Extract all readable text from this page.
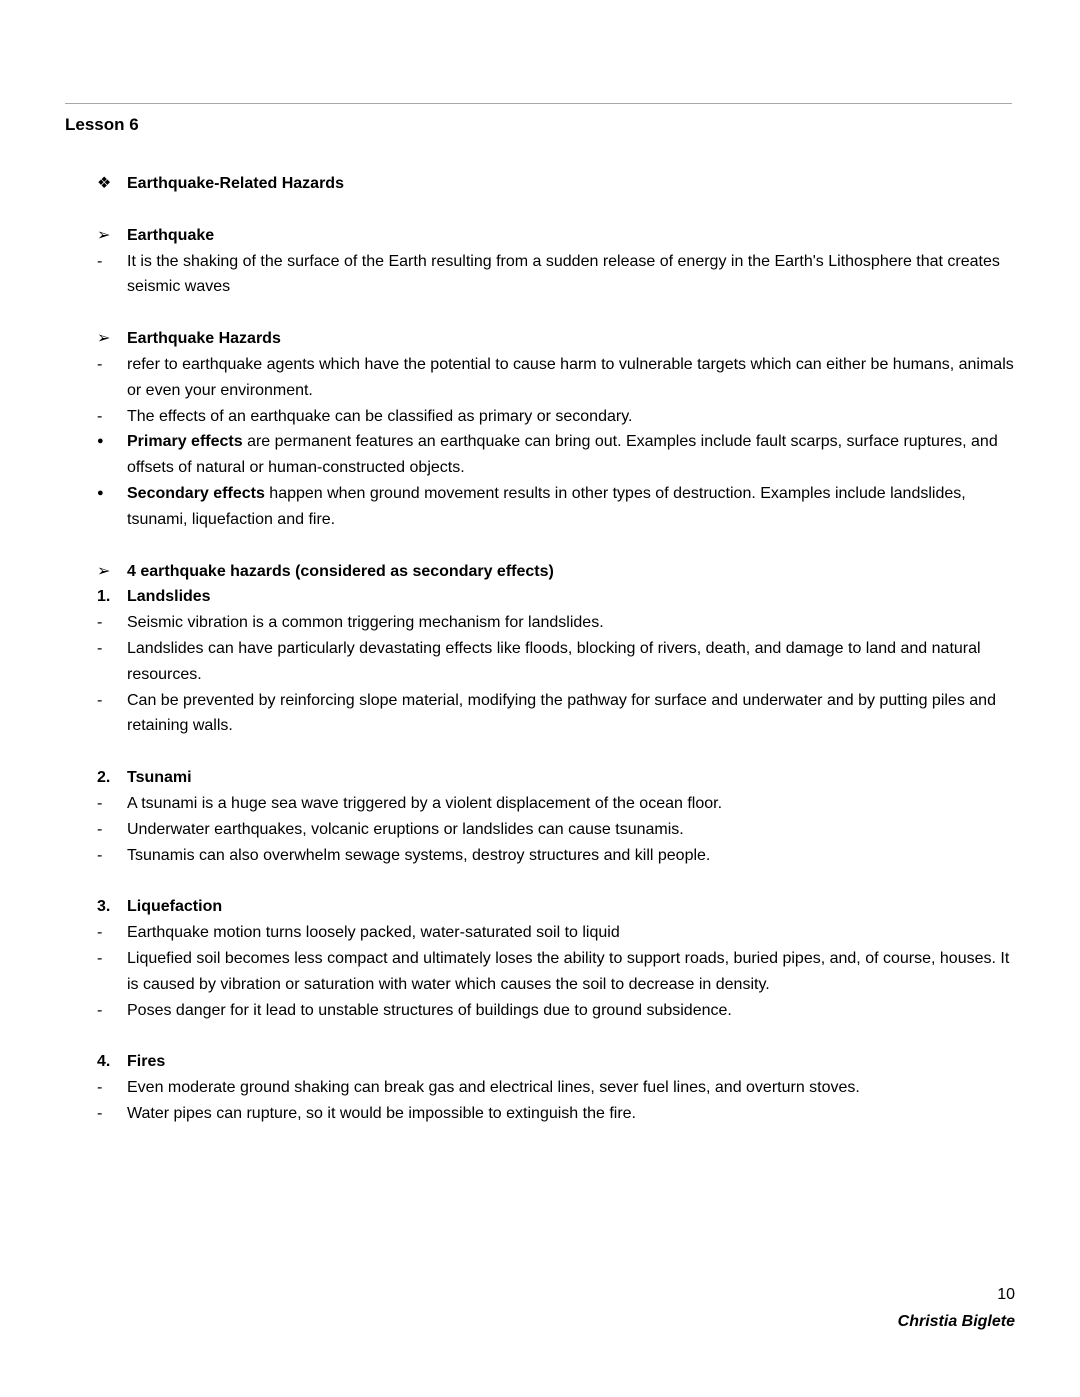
Lesson 6
❖ Earthquake-Related Hazards
➢	Earthquake
-	It is the shaking of the surface of the Earth resulting from a sudden release of energy in the Earth's Lithosphere that creates seismic waves
➢	Earthquake Hazards
-	refer to earthquake agents which have the potential to cause harm to vulnerable targets which can either be humans, animals or even your environment.
-	The effects of an earthquake can be classified as primary or secondary.
●	Primary effects are permanent features an earthquake can bring out. Examples include fault scarps, surface ruptures, and offsets of natural or human-constructed objects.
●	Secondary effects happen when ground movement results in other types of destruction. Examples include landslides, tsunami, liquefaction and fire.
➢	4 earthquake hazards (considered as secondary effects)
1.	Landslides
-	Seismic vibration is a common triggering mechanism for landslides.
-	Landslides can have particularly devastating effects like floods, blocking of rivers, death, and damage to land and natural resources.
-	Can be prevented by reinforcing slope material, modifying the pathway for surface and underwater and by putting piles and retaining walls.
2.	Tsunami
-	A tsunami is a huge sea wave triggered by a violent displacement of the ocean floor.
-	Underwater earthquakes, volcanic eruptions or landslides can cause tsunamis.
-	Tsunamis can also overwhelm sewage systems, destroy structures and kill people.
3.	Liquefaction
-	Earthquake motion turns loosely packed, water-saturated soil to liquid
-	Liquefied soil becomes less compact and ultimately loses the ability to support roads, buried pipes, and, of course, houses. It is caused by vibration or saturation with water which causes the soil to decrease in density.
-	Poses danger for it lead to unstable structures of buildings due to ground subsidence.
4.	Fires
-	Even moderate ground shaking can break gas and electrical lines, sever fuel lines, and overturn stoves.
-	Water pipes can rupture, so it would be impossible to extinguish the fire.
10
Christia Biglete
